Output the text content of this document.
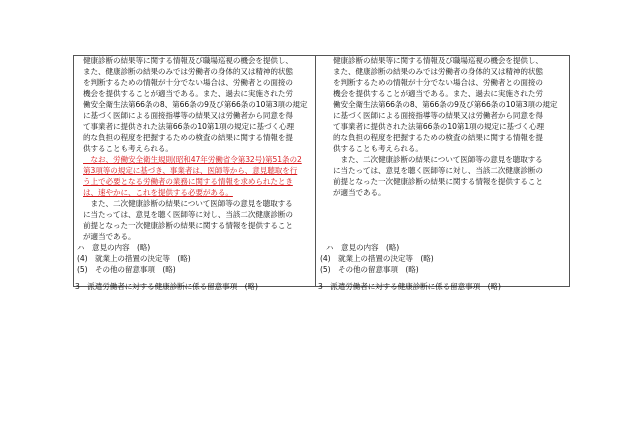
健康診断の結果等に関する情報及び職場巡視の機会を提供し、
また、健康診断の結果のみでは労働者の身体的又は精神的状態
を判断するための情報が十分でない場合は、労働者との面接の
機会を提供することが適当である。また、過去に実施された労
働安全衛生法第66条の8、第66条の9及び第66条の10第3項の規定
に基づく医師による面接指導等の結果又は労働者から同意を得
て事業者に提供された法第66条の10第1項の規定に基づく心理
的な負担の程度を把握するための検査の結果に関する情報を提
供することも考えられる。
　なお、労働安全衛生規則(昭和47年労働省令第32号)第51条の2
第3項等の規定に基づき、事業者は、医師等から、意見聴取を行
う上で必要となる労働者の業務に関する情報を求められたとき
は、速やかに、これを提供する必要がある。
　また、二次健康診断の結果について医師等の意見を聴取する
に当たっては、意見を聴く医師等に対し、当該二次健康診断の
前提となった一次健康診断の結果に関する情報を提供すること
が適当である。
ハ　意見の内容　(略)
(4)　就業上の措置の決定等　(略)
(5)　その他の留意事項　(略)
3　派遣労働者に対する健康診断に係る留意事項　(略)
健康診断の結果等に関する情報及び職場巡視の機会を提供し、
また、健康診断の結果のみでは労働者の身体的又は精神的状態
を判断するための情報が十分でない場合は、労働者との面接の
機会を提供することが適当である。また、過去に実施された労
働安全衛生法第66条の8、第66条の9及び第66条の10第3項の規定
に基づく医師による面接指導等の結果又は労働者から同意を得
て事業者に提供された法第66条の10第1項の規定に基づく心理
的な負担の程度を把握するための検査の結果に関する情報を提
供することも考えられる。
　また、二次健康診断の結果について医師等の意見を聴取する
に当たっては、意見を聴く医師等に対し、当該二次健康診断の
前提となった一次健康診断の結果に関する情報を提供すること
が適当である。
ハ　意見の内容　(略)
(4)　就業上の措置の決定等　(略)
(5)　その他の留意事項　(略)
3　派遣労働者に対する健康診断に係る留意事項　(略)
